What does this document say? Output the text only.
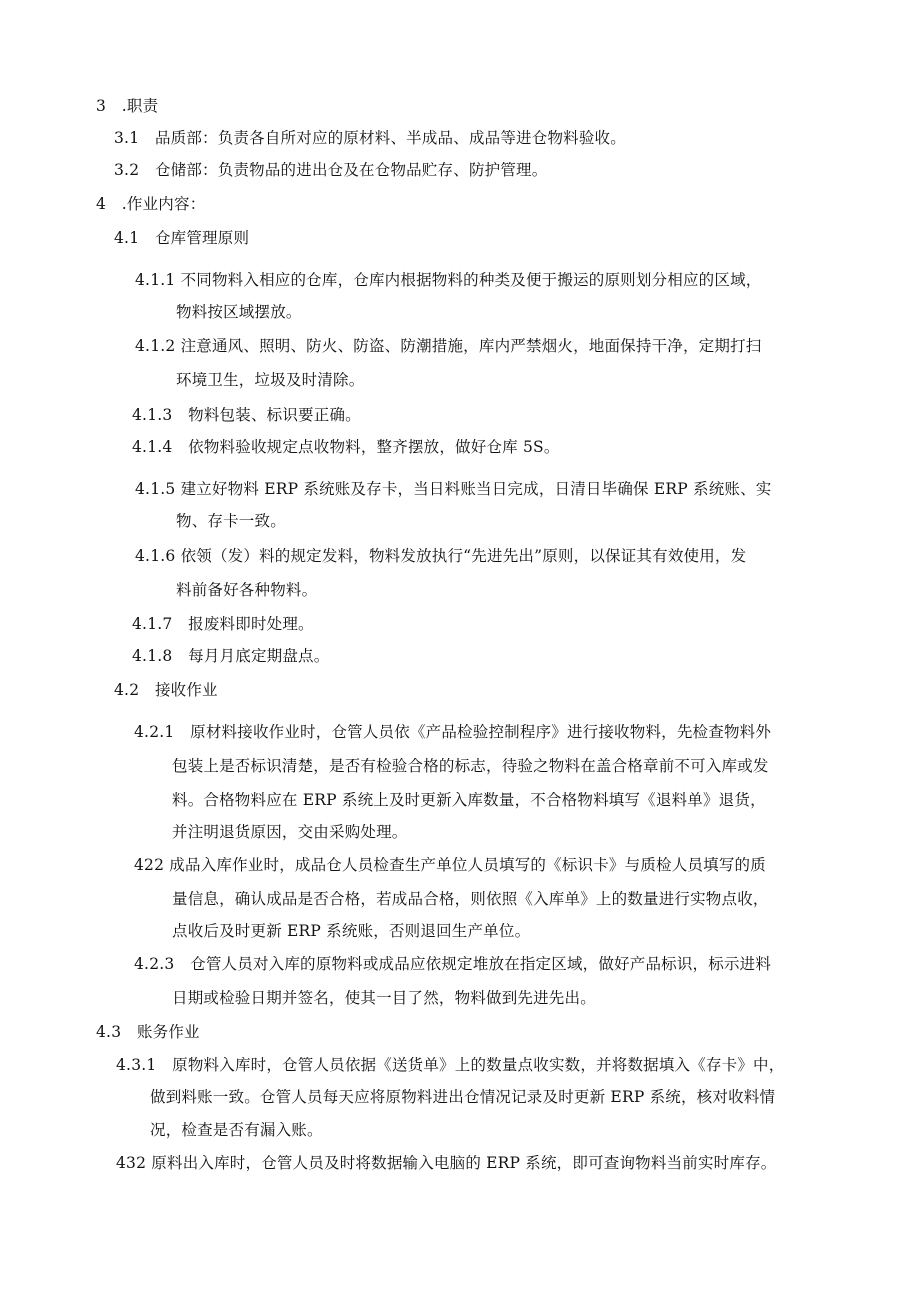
3　.职责
3.1　品质部：负责各自所对应的原材料、半成品、成品等进仓物料验收。
3.2　仓储部：负责物品的进出仓及在仓物品贮存、防护管理。
4　.作业内容：
4.1　仓库管理原则
4.1.1 不同物料入相应的仓库，仓库内根据物料的种类及便于搬运的原则划分相应的区域，
物料按区域摆放。
4.1.2 注意通风、照明、防火、防盗、防潮措施，库内严禁烟火，地面保持干净，定期打扫
环境卫生，垃圾及时清除。
4.1.3　物料包装、标识要正确。
4.1.4　依物料验收规定点收物料，整齐摆放，做好仓库 5S。
4.1.5 建立好物料 ERP 系统账及存卡，当日料账当日完成，日清日毕确保 ERP 系统账、实
物、存卡一致。
4.1.6 依领（发）料的规定发料，物料发放执行“先进先出”原则，以保证其有效使用，发
料前备好各种物料。
4.1.7　报废料即时处理。
4.1.8　每月月底定期盘点。
4.2　接收作业
4.2.1　原材料接收作业时，仓管人员依《产品检验控制程序》进行接收物料，先检查物料外
包装上是否标识清楚，是否有检验合格的标志，待验之物料在盖合格章前不可入库或发
料。合格物料应在 ERP 系统上及时更新入库数量，不合格物料填写《退料单》退货，
并注明退货原因，交由采购处理。
422 成品入库作业时，成品仓人员检查生产单位人员填写的《标识卡》与质检人员填写的质
量信息，确认成品是否合格，若成品合格，则依照《入库单》上的数量进行实物点收，
点收后及时更新 ERP 系统账，否则退回生产单位。
4.2.3　仓管人员对入库的原物料或成品应依规定堆放在指定区域，做好产品标识，标示进料
日期或检验日期并签名，使其一目了然，物料做到先进先出。
4.3　账务作业
4.3.1　原物料入库时，仓管人员依据《送货单》上的数量点收实数，并将数据填入《存卡》中，
做到料账一致。仓管人员每天应将原物料进出仓情况记录及时更新 ERP 系统，核对收料情
况，检查是否有漏入账。
432 原料出入库时，仓管人员及时将数据输入电脑的 ERP 系统，即可查询物料当前实时库存。
